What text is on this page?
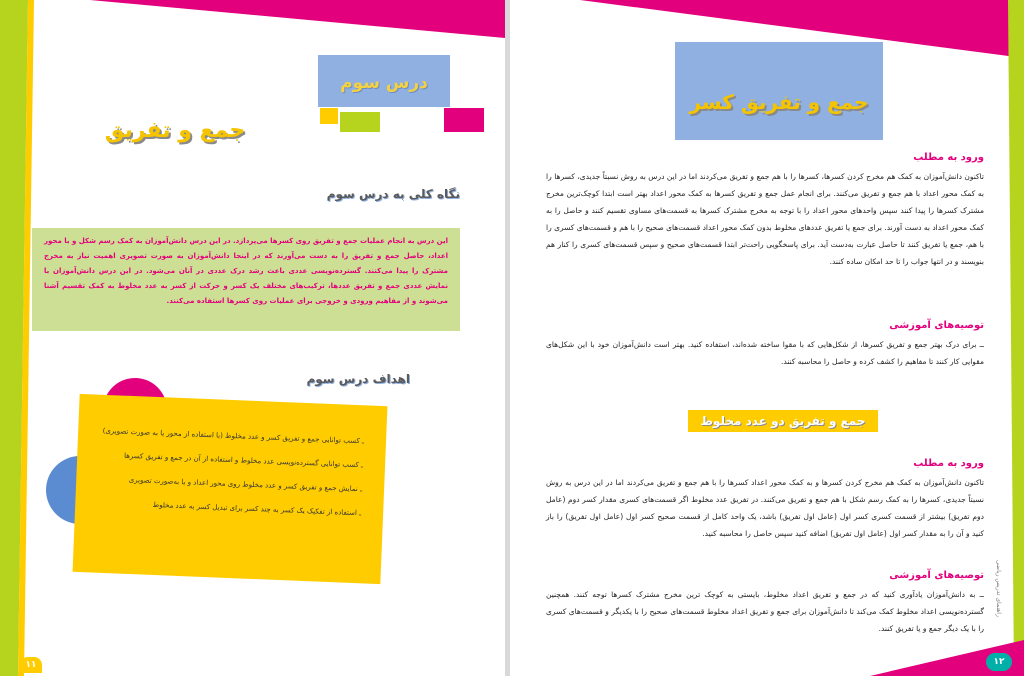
درس سوم
جمع و تفریق
نگاه کلی به درس سوم
این درس به انجام عملیات جمع و تفریق روی کسرها می‌پردازد. در این درس دانش‌آموزان به کمک رسم شکل و با محور اعداد، حاصل جمع و تفریق را به دست می‌آورند که در اینجا دانش‌آموزان به صورت تصویری اهمیت نیاز به مخرج مشترک را پیدا می‌کنند. گسترده‌نویسی عددی باعث رشد درک عددی در آنان می‌شود. در این درس دانش‌آموزان با نمایش عددی جمع و تفریق عددها، ترکیب‌های مختلف یک کسر و حرکت از کسر به عدد مخلوط به کمک تقسیم آشنا می‌شوند و از مفاهیم ورودی و خروجی برای عملیات روی کسرها استفاده می‌کنند.
اهداف درس سوم
ـ کسب توانایی جمع و تفریق کسر و عدد مخلوط (با استفاده از محور یا به صورت تصویری)
ـ کسب توانایی گسترده‌نویسی عدد مخلوط و استفاده از آن در جمع و تفریق کسرها
ـ نمایش جمع و تفریق کسر و عدد مخلوط روی محور اعداد و یا به‌صورت تصویری
ـ استفاده از تفکیک یک کسر به چند کسر برای تبدیل کسر به عدد مخلوط
۱۱
جمع و تفریق کسر
ورود به مطلب
تاکنون دانش‌آموزان به کمک هم مخرج کردن کسرها، کسرها را با هم جمع و تفریق می‌کردند اما در این درس به روش نسبتاً جدیدی، کسرها را به کمک محور اعداد با هم جمع و تفریق می‌کنند. برای انجام عمل جمع و تفریق کسرها به کمک محور اعداد بهتر است ابتدا کوچک‌ترین مخرج مشترک کسرها را پیدا کنند سپس واحدهای محور اعداد را با توجه به مخرج مشترک کسرها به قسمت‌های مساوی تقسیم کنند و حاصل را به کمک محور اعداد به دست آورند. برای جمع یا تفریق عددهای مخلوط بدون کمک محور اعداد قسمت‌های صحیح را با هم و قسمت‌های کسری را با هم، جمع یا تفریق کنند تا حاصل عبارت به‌دست آید. برای پاسخگویی راحت‌تر ابتدا قسمت‌های صحیح و سپس قسمت‌های کسری را کنار هم بنویسند و در انتها جواب را تا حد امکان ساده کنند.
توصیه‌های آموزشی
ــ برای درک بهتر جمع و تفریق کسرها، از شکل‌هایی که با مقوا ساخته شده‌اند، استفاده کنید. بهتر است دانش‌آموزان خود با این شکل‌های مقوایی کار کنند تا مفاهیم را کشف کرده و حاصل را محاسبه کنند.
جمع و تفریق دو عدد مخلوط
ورود به مطلب
تاکنون دانش‌آموزان به کمک هم مخرج کردن کسرها و به کمک محور اعداد کسرها را با هم جمع و تفریق می‌کردند اما در این درس به روش نسبتاً جدیدی، کسرها را به کمک رسم شکل با هم جمع و تفریق می‌کنند. در تفریق عدد مخلوط اگر قسمت‌های کسری مقدار کسر دوم (عامل دوم تفریق) بیشتر از قسمت کسری کسر اول (عامل اول تفریق) باشد، یک واحد کامل از قسمت صحیح کسر اول (عامل اول تفریق) را باز کنید و آن را به مقدار کسر اول (عامل اول تفریق) اضافه کنید سپس حاصل را محاسبه کنید.
توصیه‌های آموزشی
ــ به دانش‌آموزان یادآوری کنید که در جمع و تفریق اعداد مخلوط، بایستی به کوچک ترین مخرج مشترک کسرها توجه کنند. همچنین گسترده‌نویسی اعداد مخلوط کمک می‌کند تا دانش‌آموزان برای جمع و تفریق اعداد مخلوط قسمت‌های صحیح را با یکدیگر و قسمت‌های کسری را با یک دیگر جمع و یا تفریق کنند.
راهنمای تدریس ریاضی
۱۲
